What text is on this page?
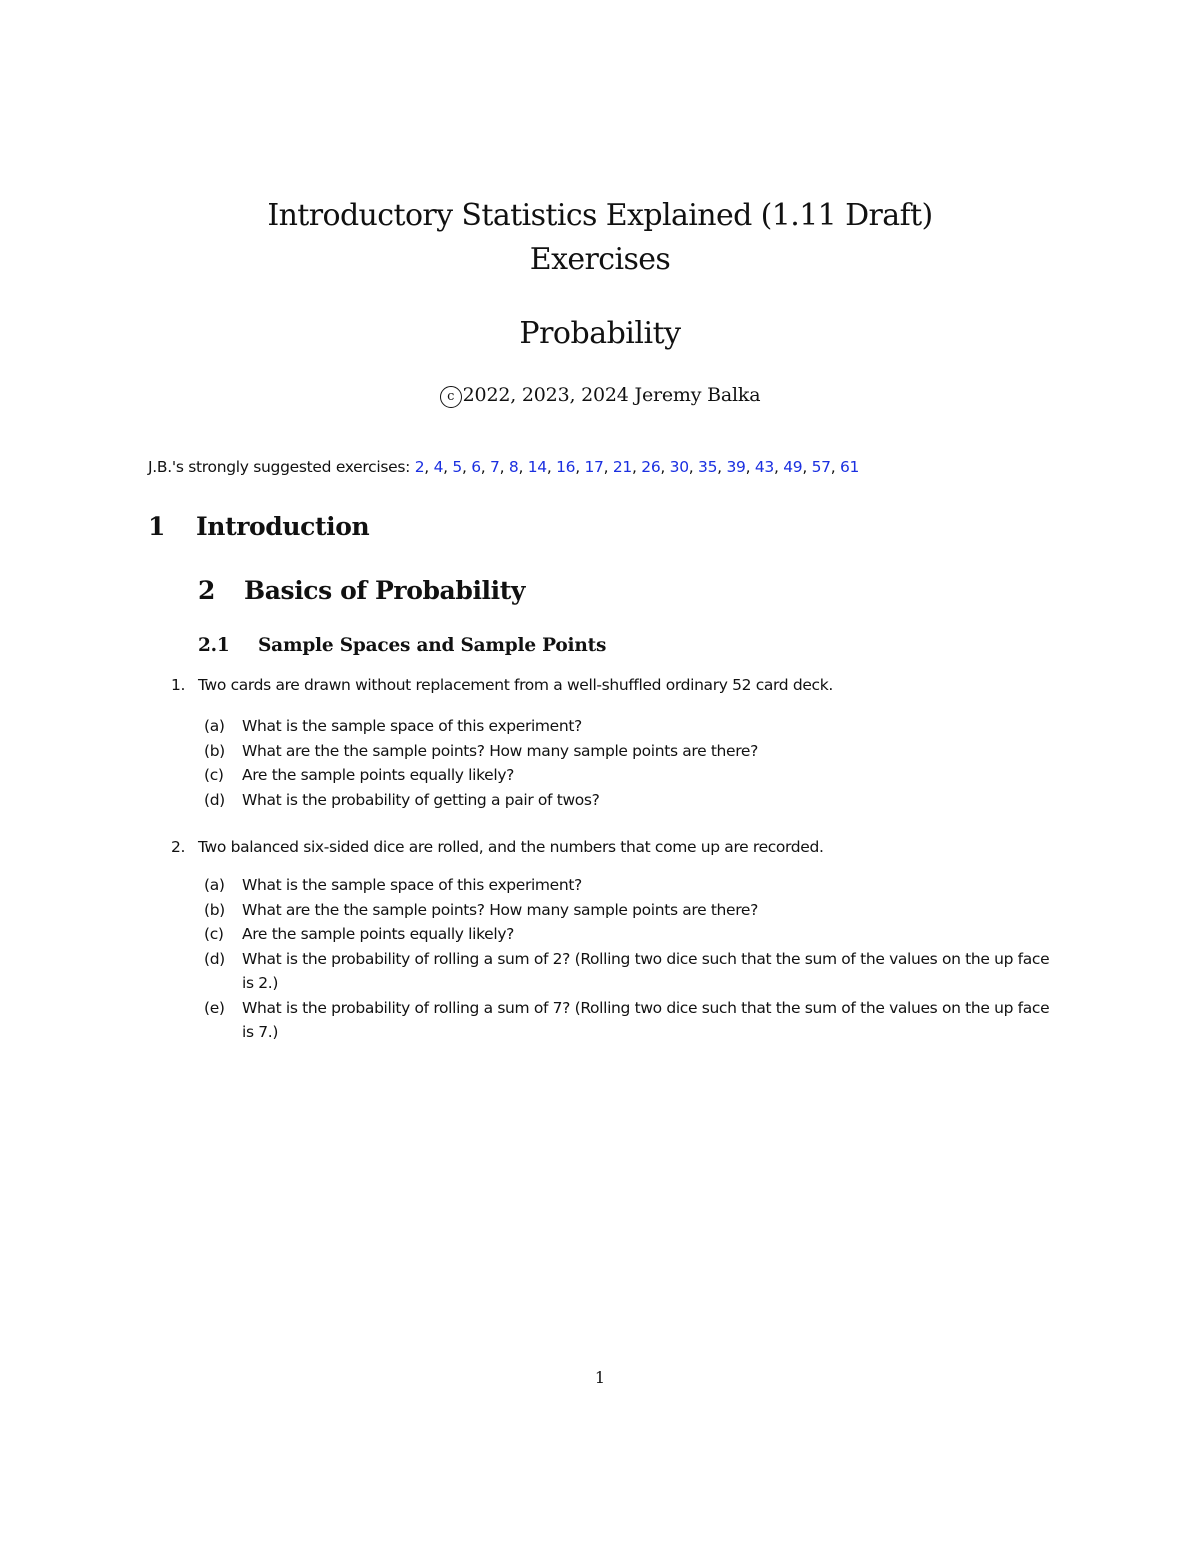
Introductory Statistics Explained (1.11 Draft)
Exercises
Probability
c 2022, 2023, 2024 Jeremy Balka
J.B.'s strongly suggested exercises: 2, 4, 5, 6, 7, 8, 14, 16, 17, 21, 26, 30, 35, 39, 43, 49, 57, 61
1 Introduction
2 Basics of Probability
2.1 Sample Spaces and Sample Points
1. Two cards are drawn without replacement from a well-shuffled ordinary 52 card deck.
(a)	What is the sample space of this experiment?
(b)	What are the the sample points? How many sample points are there?
(c)	Are the sample points equally likely?
(d)	What is the probability of getting a pair of twos?
2. Two balanced six-sided dice are rolled, and the numbers that come up are recorded.
(a)	What is the sample space of this experiment?
(b)	What are the the sample points? How many sample points are there?
(c)	Are the sample points equally likely?
(d)	What is the probability of rolling a sum of 2? (Rolling two dice such that the sum of the values on the up face is 2.)
(e)	What is the probability of rolling a sum of 7? (Rolling two dice such that the sum of the values on the up face is 7.)
1
